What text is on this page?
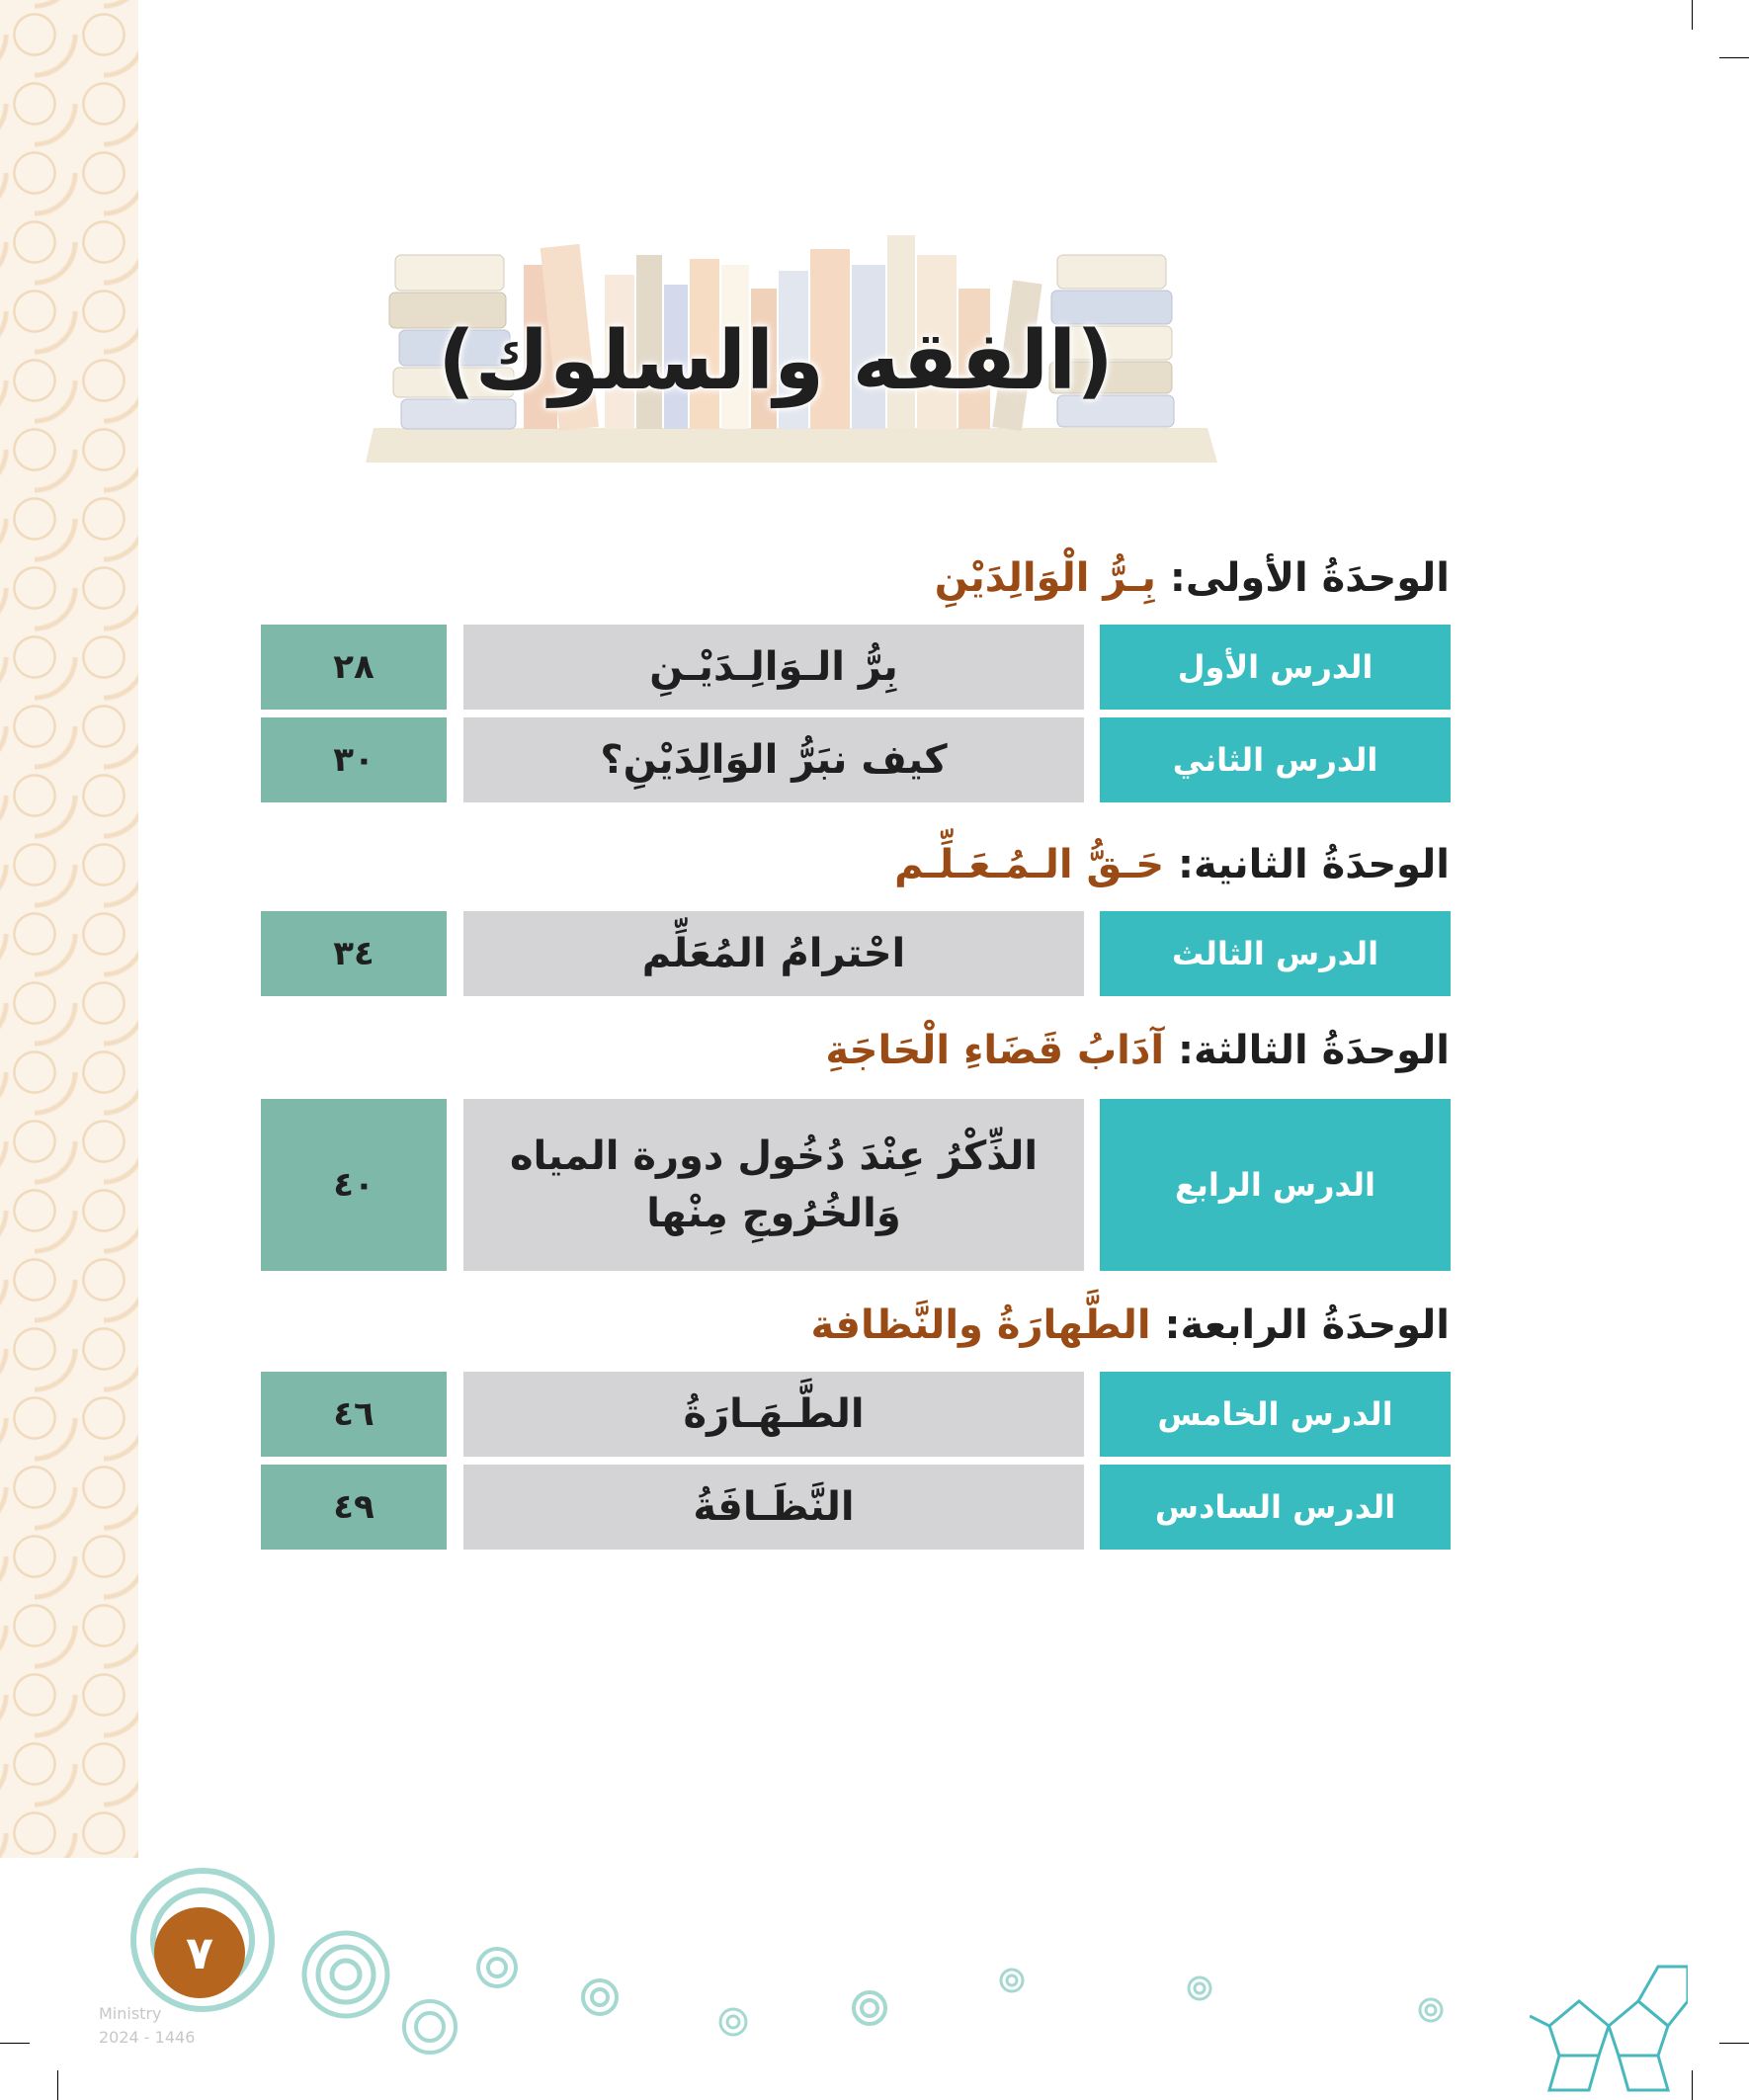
(الفقه والسلوك)
الوحدَةُ الأولى: بِـرُّ الْوَالِدَيْنِ
الدرس الأول
بِرُّ الـوَالِـدَيْـنِ
٢٨
الدرس الثاني
كيف نبَرُّ الوَالِدَيْنِ؟
٣٠
الوحدَةُ الثانية: حَـقُّ الـمُـعَـلِّـم
الدرس الثالث
احْترامُ المُعَلِّم
٣٤
الوحدَةُ الثالثة: آدَابُ قَضَاءِ الْحَاجَةِ
الدرس الرابع
الذِّكْرُ عِنْدَ دُخُول دورة المياه
وَالخُرُوجِ مِنْها
٤٠
الوحدَةُ الرابعة: الطَّهارَةُ والنَّظافة
الدرس الخامس
الطَّـهَـارَةُ
٤٦
الدرس السادس
النَّظَـافَةُ
٤٩
٧
Ministry
2024 - 1446
